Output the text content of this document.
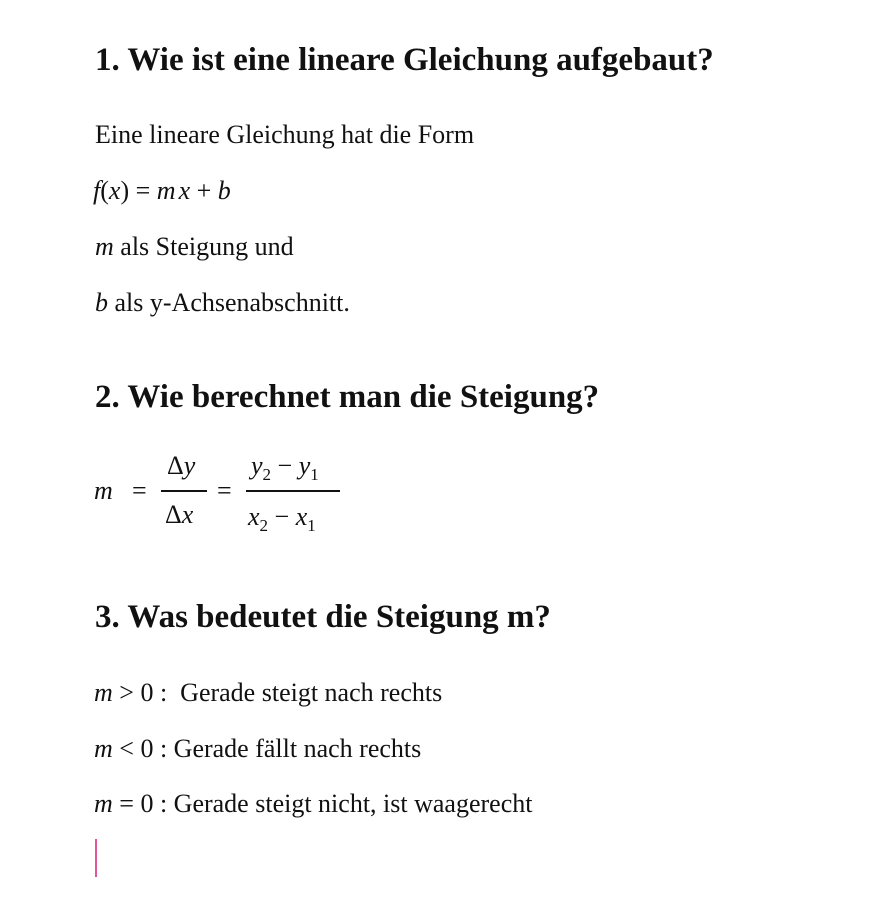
1. Wie ist eine lineare Gleichung aufgebaut?
Eine lineare Gleichung hat die Form
f(x) = mx + b
m als Steigung und
b als y-Achsenabschnitt.
2. Wie berechnet man die Steigung?
m =
Δy
Δx
=
$y_2 - y_1$
$x_2 - x_1$
3. Was bedeutet die Steigung m?
m > 0 :  Gerade steigt nach rechts
m < 0 : Gerade fällt nach rechts
m = 0 : Gerade steigt nicht, ist waagerecht
